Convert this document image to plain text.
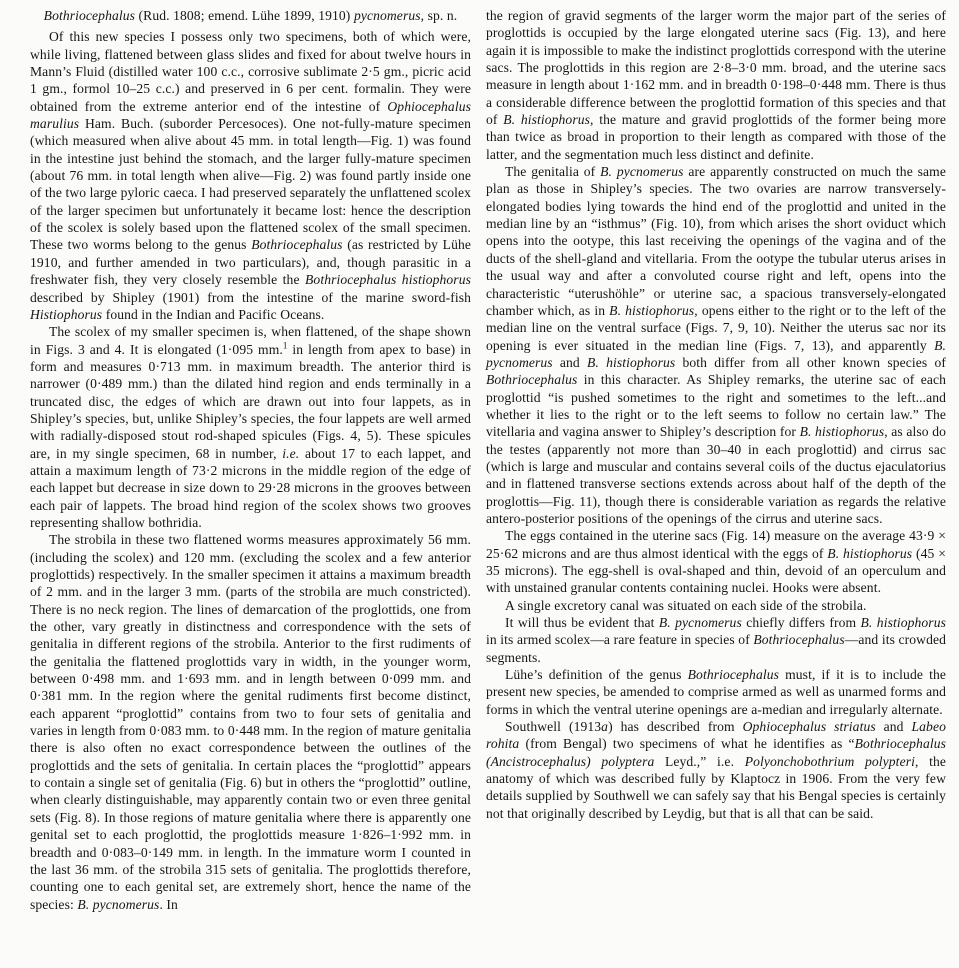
Bothriocephalus (Rud. 1808; emend. Lühe 1899, 1910) pycnomerus, sp. n.

Of this new species I possess only two specimens, both of which were, while living, flattened between glass slides and fixed for about twelve hours in Mann’s Fluid (distilled water 100 c.c., corrosive sublimate 2·5 gm., picric acid 1 gm., formol 10–25 c.c.) and preserved in 6 per cent. formalin. They were obtained from the extreme anterior end of the intestine of Ophiocephalus marulius Ham. Buch. (suborder Percesoces). One not-fully-mature specimen (which measured when alive about 45 mm. in total length—Fig. 1) was found in the intestine just behind the stomach, and the larger fully-mature specimen (about 76 mm. in total length when alive—Fig. 2) was found partly inside one of the two large pyloric caeca. I had preserved separately the unflattened scolex of the larger specimen but unfortunately it became lost: hence the description of the scolex is solely based upon the flattened scolex of the small specimen. These two worms belong to the genus Bothriocephalus (as restricted by Lühe 1910, and further amended in two particulars), and, though parasitic in a freshwater fish, they very closely resemble the Bothriocephalus histiophorus described by Shipley (1901) from the intestine of the marine sword-fish Histiophorus found in the Indian and Pacific Oceans.

The scolex of my smaller specimen is, when flattened, of the shape shown in Figs. 3 and 4. It is elongated (1·095 mm.$^1$ in length from apex to base) in form and measures 0·713 mm. in maximum breadth. The anterior third is narrower (0·489 mm.) than the dilated hind region and ends terminally in a truncated disc, the edges of which are drawn out into four lappets, as in Shipley’s species, but, unlike Shipley’s species, the four lappets are well armed with radially-disposed stout rod-shaped spicules (Figs. 4, 5). These spicules are, in my single specimen, 68 in number, i.e. about 17 to each lappet, and attain a maximum length of 73·2 microns in the middle region of the edge of each lappet but decrease in size down to 29·28 microns in the grooves between each pair of lappets. The broad hind region of the scolex shows two grooves representing shallow bothridia.

The strobila in these two flattened worms measures approximately 56 mm. (including the scolex) and 120 mm. (excluding the scolex and a few anterior proglottids) respectively. In the smaller specimen it attains a maximum breadth of 2 mm. and in the larger 3 mm. (parts of the strobila are much constricted). There is no neck region. The lines of demarcation of the proglottids, one from the other, vary greatly in distinctness and correspondence with the sets of genitalia in different regions of the strobila. Anterior to the first rudiments of the genitalia the flattened proglottids vary in width, in the younger worm, between 0·498 mm. and 1·693 mm. and in length between 0·099 mm. and 0·381 mm. In the region where the genital rudiments first become distinct, each apparent “proglottid” contains from two to four sets of genitalia and varies in length from 0·083 mm. to 0·448 mm. In the region of mature genitalia there is also often no exact correspondence between the outlines of the proglottids and the sets of genitalia. In certain places the “proglottid” appears to contain a single set of genitalia (Fig. 6) but in others the “proglottid” outline, when clearly distinguishable, may apparently contain two or even three genital sets (Fig. 8). In those regions of mature genitalia where there is apparently one genital set to each proglottid, the proglottids measure 1·826–1·992 mm. in breadth and 0·083–0·149 mm. in length. In the immature worm I counted in the last 36 mm. of the strobila 315 sets of genitalia. The proglottids therefore, counting one to each genital set, are extremely short, hence the name of the species: B. pycnomerus. In

the region of gravid segments of the larger worm the major part of the series of proglottids is occupied by the large elongated uterine sacs (Fig. 13), and here again it is impossible to make the indistinct proglottids correspond with the uterine sacs. The proglottids in this region are 2·8–3·0 mm. broad, and the uterine sacs measure in length about 1·162 mm. and in breadth 0·198–0·448 mm. There is thus a considerable difference between the proglottid formation of this species and that of B. histiophorus, the mature and gravid proglottids of the former being more than twice as broad in proportion to their length as compared with those of the latter, and the segmentation much less distinct and definite.

The genitalia of B. pycnomerus are apparently constructed on much the same plan as those in Shipley’s species. The two ovaries are narrow transversely-elongated bodies lying towards the hind end of the proglottid and united in the median line by an “isthmus” (Fig. 10), from which arises the short oviduct which opens into the ootype, this last receiving the openings of the vagina and of the ducts of the shell-gland and vitellaria. From the ootype the tubular uterus arises in the usual way and after a convoluted course right and left, opens into the characteristic “uterushöhle” or uterine sac, a spacious transversely-elongated chamber which, as in B. histiophorus, opens either to the right or to the left of the median line on the ventral surface (Figs. 7, 9, 10). Neither the uterus sac nor its opening is ever situated in the median line (Figs. 7, 13), and apparently B. pycnomerus and B. histiophorus both differ from all other known species of Bothriocephalus in this character. As Shipley remarks, the uterine sac of each proglottid “is pushed sometimes to the right and sometimes to the left...and whether it lies to the right or to the left seems to follow no certain law.” The vitellaria and vagina answer to Shipley’s description for B. histiophorus, as also do the testes (apparently not more than 30–40 in each proglottid) and cirrus sac (which is large and muscular and contains several coils of the ductus ejaculatorius and in flattened transverse sections extends across about half of the depth of the proglottis—Fig. 11), though there is considerable variation as regards the relative antero-posterior positions of the openings of the cirrus and uterine sacs.

The eggs contained in the uterine sacs (Fig. 14) measure on the average 43·9 × 25·62 microns and are thus almost identical with the eggs of B. histiophorus (45 × 35 microns). The egg-shell is oval-shaped and thin, devoid of an operculum and with unstained granular contents containing nuclei. Hooks were absent.

A single excretory canal was situated on each side of the strobila.

It will thus be evident that B. pycnomerus chiefly differs from B. histiophorus in its armed scolex—a rare feature in species of Bothriocephalus—and its crowded segments.

Lühe’s definition of the genus Bothriocephalus must, if it is to include the present new species, be amended to comprise armed as well as unarmed forms and forms in which the ventral uterine openings are a-median and irregularly alternate.

Southwell (1913a) has described from Ophiocephalus striatus and Labeo rohita (from Bengal) two specimens of what he identifies as “Bothriocephalus (Ancistrocephalus) polyptera Leyd.,” i.e. Polyonchobothrium polypteri, the anatomy of which was described fully by Klaptocz in 1906. From the very few details supplied by Southwell we can safely say that his Bengal species is certainly not that originally described by Leydig, but that is all that can be said.
